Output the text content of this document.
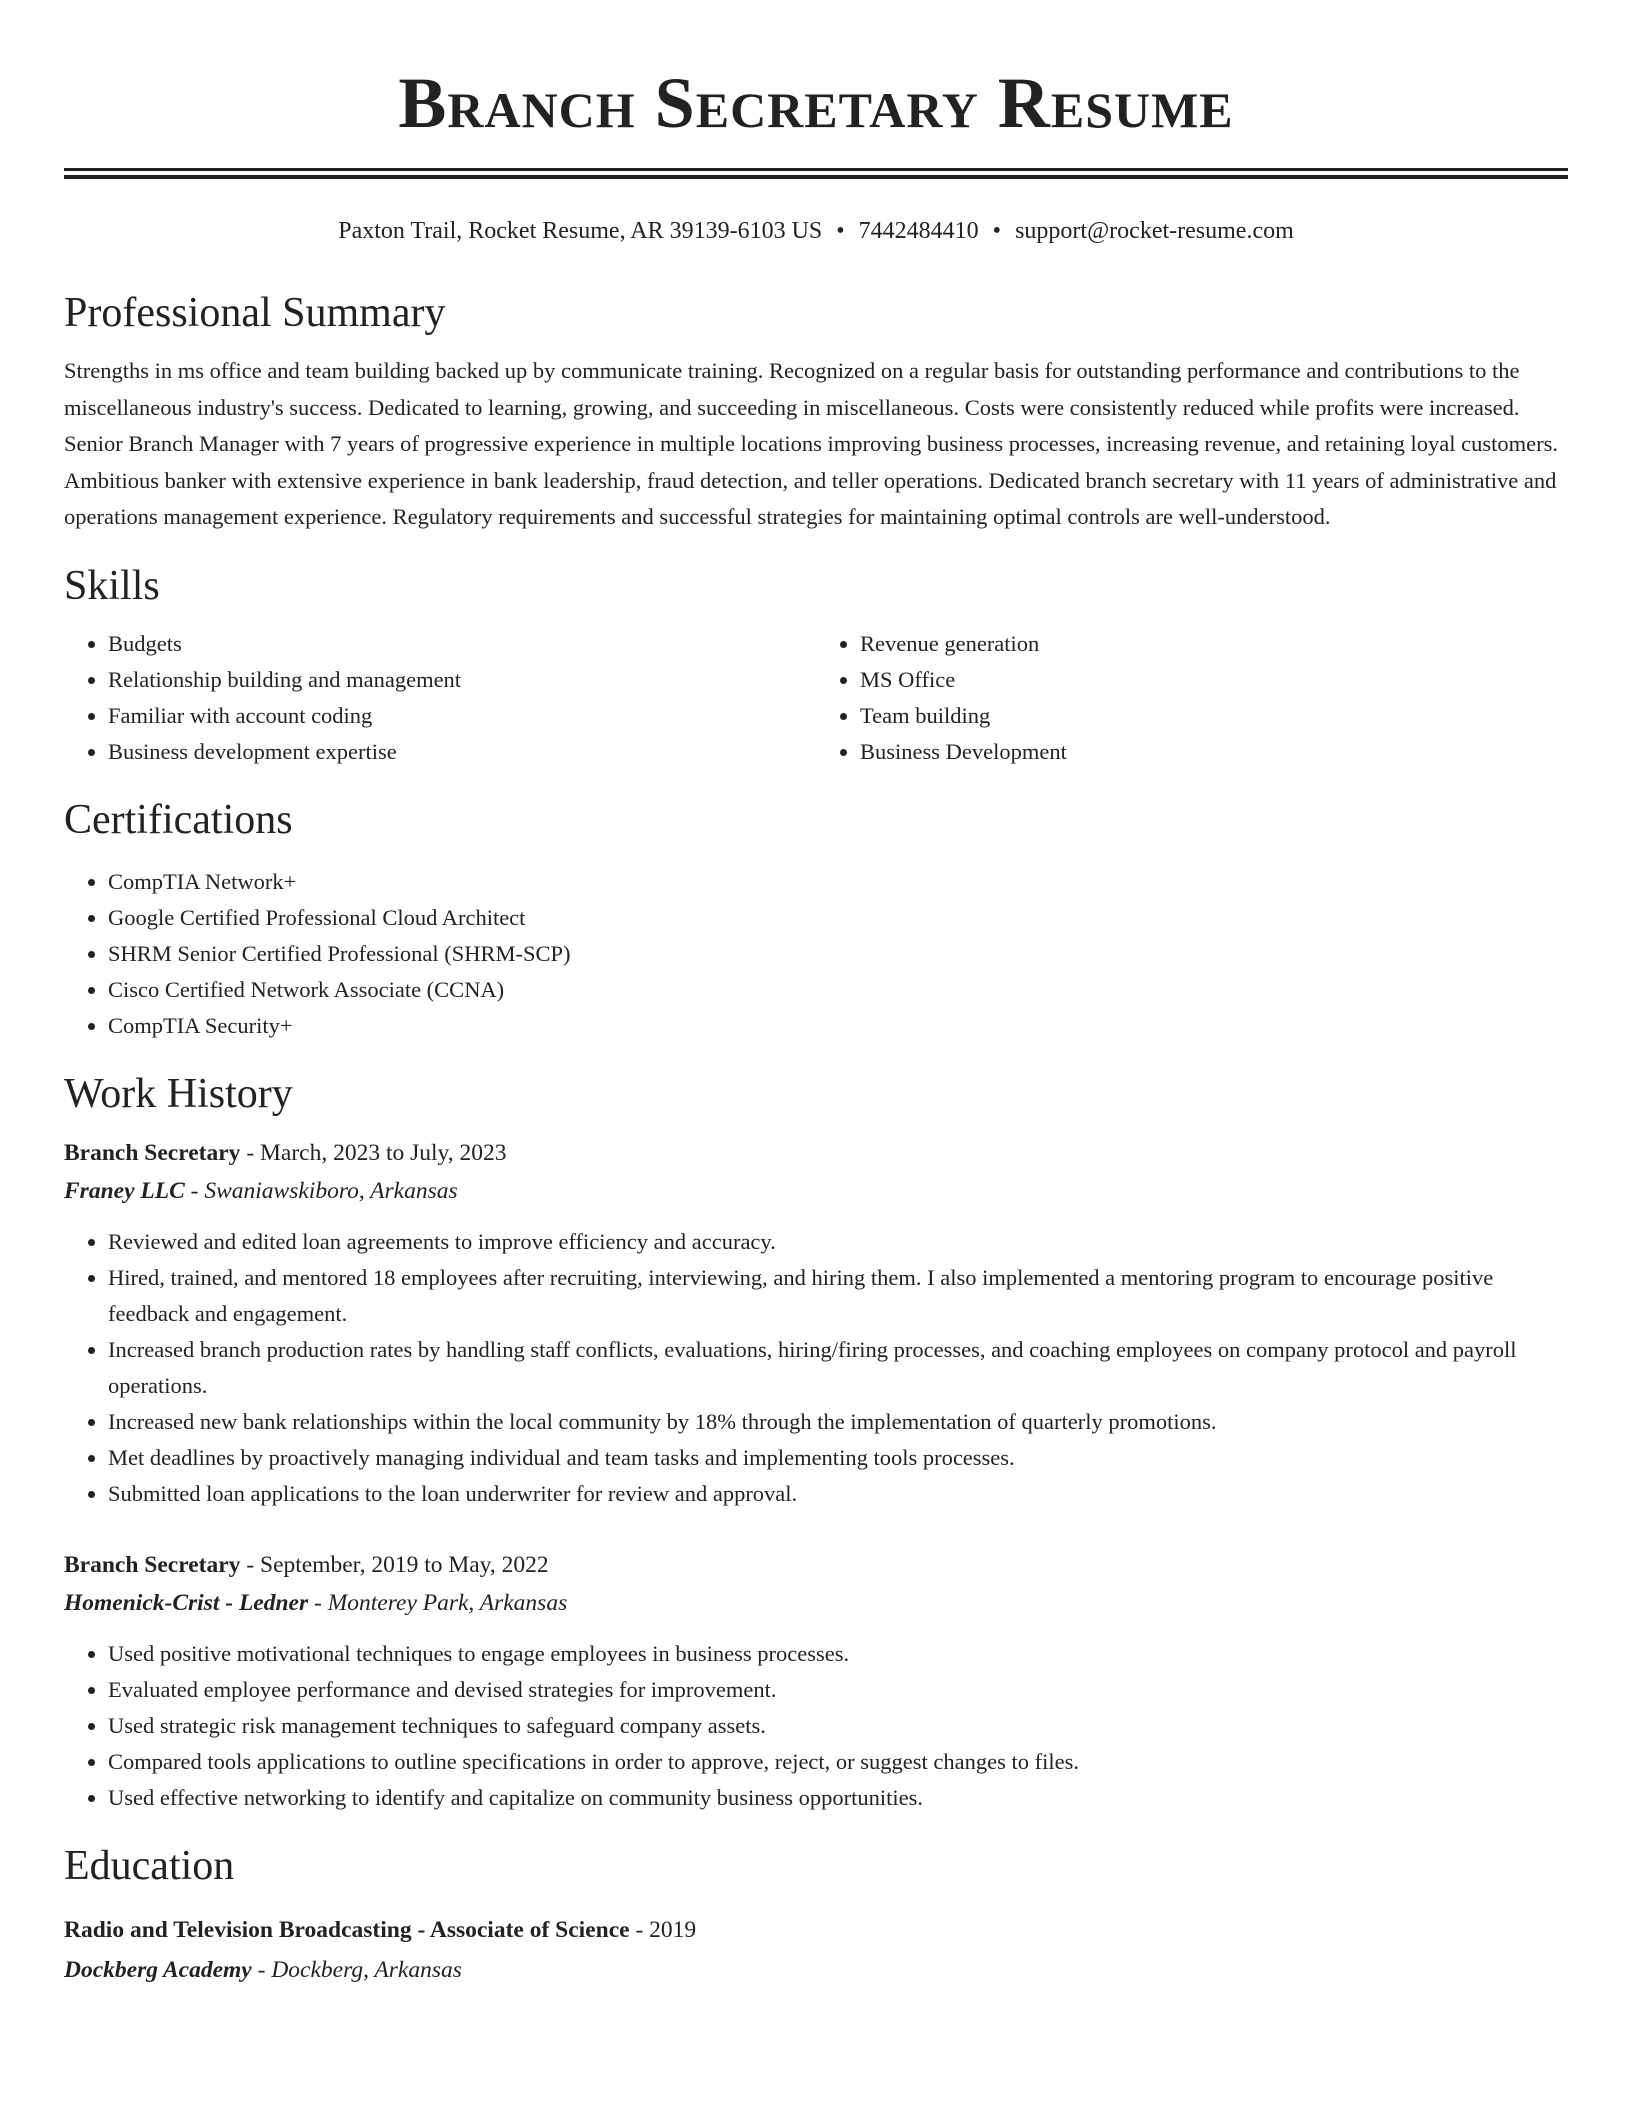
Branch Secretary Resume
Paxton Trail, Rocket Resume, AR 39139-6103 US • 7442484410 • support@rocket-resume.com
Professional Summary

Strengths in ms office and team building backed up by communicate training. Recognized on a regular basis for outstanding performance and contributions to the miscellaneous industry's success. Dedicated to learning, growing, and succeeding in miscellaneous. Costs were consistently reduced while profits were increased. Senior Branch Manager with 7 years of progressive experience in multiple locations improving business processes, increasing revenue, and retaining loyal customers. Ambitious banker with extensive experience in bank leadership, fraud detection, and teller operations. Dedicated branch secretary with 11 years of administrative and operations management experience. Regulatory requirements and successful strategies for maintaining optimal controls are well-understood.

Skills
• Budgets
• Relationship building and management
• Familiar with account coding
• Business development expertise
• Revenue generation
• MS Office
• Team building
• Business Development
Certifications
• CompTIA Network+
• Google Certified Professional Cloud Architect
• SHRM Senior Certified Professional (SHRM-SCP)
• Cisco Certified Network Associate (CCNA)
• CompTIA Security+
Work History
Branch Secretary - March, 2023 to July, 2023
Franey LLC - Swaniawskiboro, Arkansas
• Reviewed and edited loan agreements to improve efficiency and accuracy.
• Hired, trained, and mentored 18 employees after recruiting, interviewing, and hiring them. I also implemented a mentoring program to encourage positive feedback and engagement.
• Increased branch production rates by handling staff conflicts, evaluations, hiring/firing processes, and coaching employees on company protocol and payroll operations.
• Increased new bank relationships within the local community by 18% through the implementation of quarterly promotions.
• Met deadlines by proactively managing individual and team tasks and implementing tools processes.
• Submitted loan applications to the loan underwriter for review and approval.
Branch Secretary - September, 2019 to May, 2022
Homenick-Crist - Ledner - Monterey Park, Arkansas
• Used positive motivational techniques to engage employees in business processes.
• Evaluated employee performance and devised strategies for improvement.
• Used strategic risk management techniques to safeguard company assets.
• Compared tools applications to outline specifications in order to approve, reject, or suggest changes to files.
• Used effective networking to identify and capitalize on community business opportunities.
Education
Radio and Television Broadcasting - Associate of Science - 2019
Dockberg Academy - Dockberg, Arkansas
